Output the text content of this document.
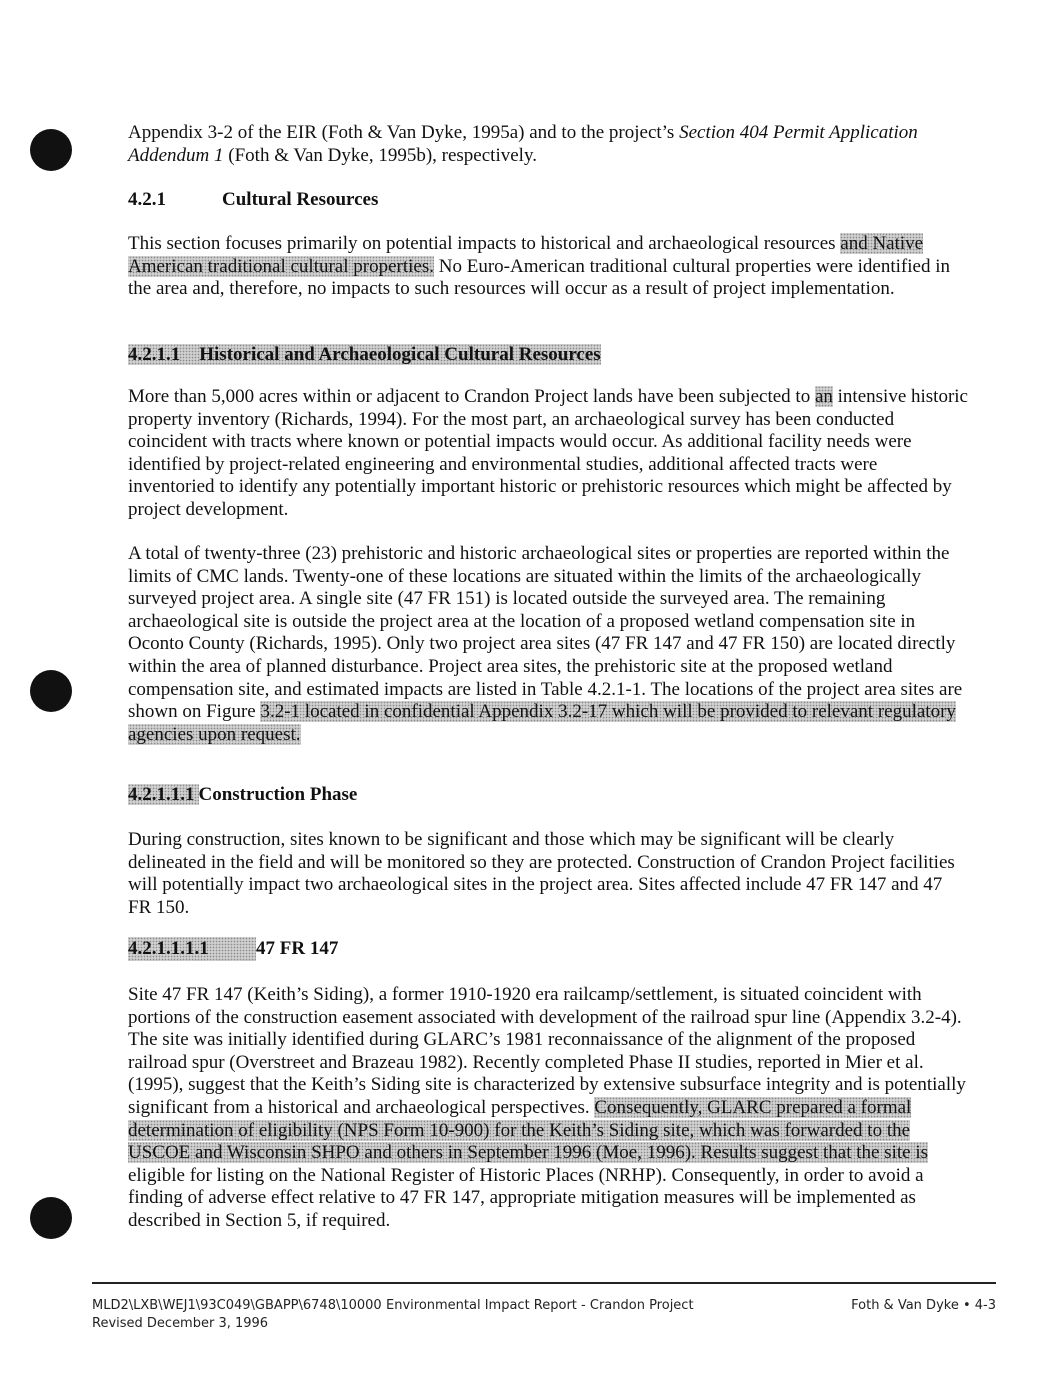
Appendix 3-2 of the EIR (Foth & Van Dyke, 1995a) and to the project’s Section 404 Permit Application Addendum 1 (Foth & Van Dyke, 1995b), respectively.

4.2.1	Cultural Resources

This section focuses primarily on potential impacts to historical and archaeological resources and Native American traditional cultural properties. No Euro-American traditional cultural properties were identified in the area and, therefore, no impacts to such resources will occur as a result of project implementation.

4.2.1.1    Historical and Archaeological Cultural Resources

More than 5,000 acres within or adjacent to Crandon Project lands have been subjected to an intensive historic property inventory (Richards, 1994). For the most part, an archaeological survey has been conducted coincident with tracts where known or potential impacts would occur. As additional facility needs were identified by project-related engineering and environmental studies, additional affected tracts were inventoried to identify any potentially important historic or prehistoric resources which might be affected by project development.

A total of twenty-three (23) prehistoric and historic archaeological sites or properties are reported within the limits of CMC lands. Twenty-one of these locations are situated within the limits of the archaeologically surveyed project area. A single site (47 FR 151) is located outside the surveyed area. The remaining archaeological site is outside the project area at the location of a proposed wetland compensation site in Oconto County (Richards, 1995). Only two project area sites (47 FR 147 and 47 FR 150) are located directly within the area of planned disturbance. Project area sites, the prehistoric site at the proposed wetland compensation site, and estimated impacts are listed in Table 4.2.1-1. The locations of the project area sites are shown on Figure 3.2-1 located in confidential Appendix 3.2-17 which will be provided to relevant regulatory agencies upon request.

4.2.1.1.1 Construction Phase

During construction, sites known to be significant and those which may be significant will be clearly delineated in the field and will be monitored so they are protected. Construction of Crandon Project facilities will potentially impact two archaeological sites in the project area. Sites affected include 47 FR 147 and 47 FR 150.

4.2.1.1.1.1 47 FR 147

Site 47 FR 147 (Keith’s Siding), a former 1910-1920 era railcamp/settlement, is situated coincident with portions of the construction easement associated with development of the railroad spur line (Appendix 3.2-4). The site was initially identified during GLARC’s 1981 reconnaissance of the alignment of the proposed railroad spur (Overstreet and Brazeau 1982). Recently completed Phase II studies, reported in Mier et al. (1995), suggest that the Keith’s Siding site is characterized by extensive subsurface integrity and is potentially significant from a historical and archaeological perspectives. Consequently, GLARC prepared a formal determination of eligibility (NPS Form 10-900) for the Keith’s Siding site, which was forwarded to the USCOE and Wisconsin SHPO and others in September 1996 (Moe, 1996). Results suggest that the site is eligible for listing on the National Register of Historic Places (NRHP). Consequently, in order to avoid a finding of adverse effect relative to 47 FR 147, appropriate mitigation measures will be implemented as described in Section 5, if required.

MLD2\LXB\WEJ1\93C049\GBAPP\6748\10000 Environmental Impact Report - Crandon Project
Revised December 3, 1996
Foth & Van Dyke • 4-3
